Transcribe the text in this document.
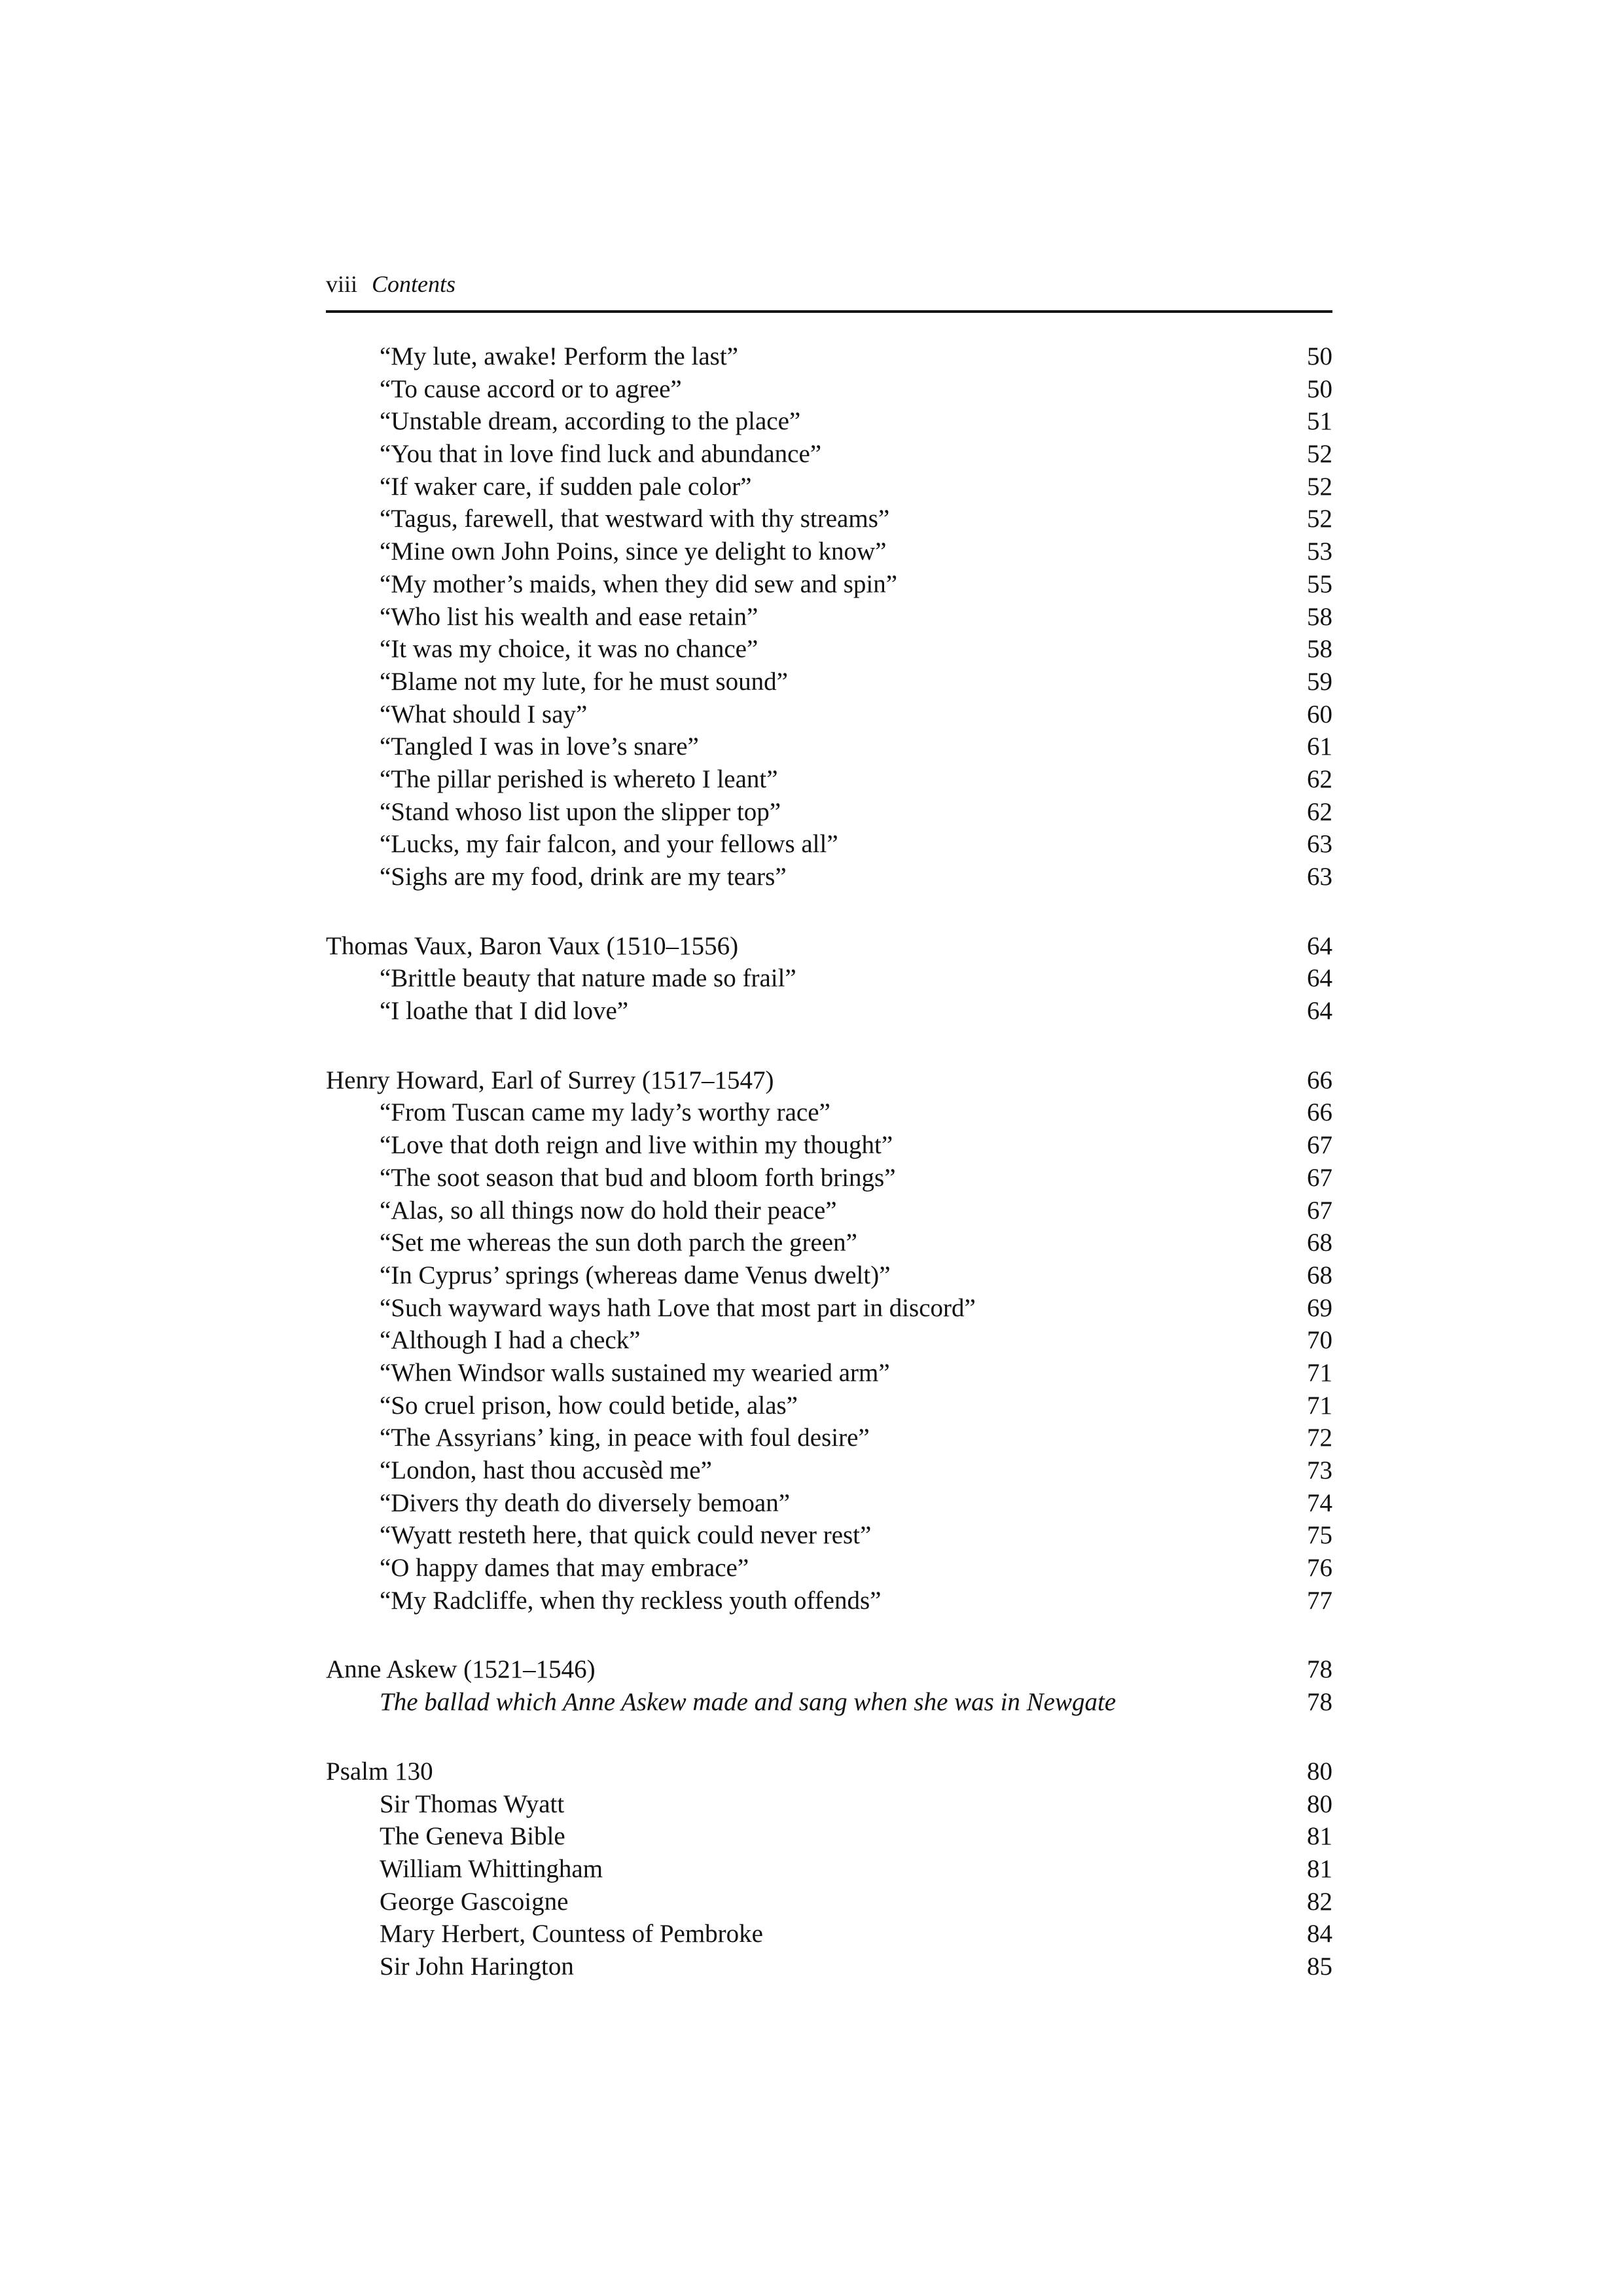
viii Contents
“My lute, awake! Perform the last”	50
“To cause accord or to agree”	50
“Unstable dream, according to the place”	51
“You that in love find luck and abundance”	52
“If waker care, if sudden pale color”	52
“Tagus, farewell, that westward with thy streams”	52
“Mine own John Poins, since ye delight to know”	53
“My mother’s maids, when they did sew and spin”	55
“Who list his wealth and ease retain”	58
“It was my choice, it was no chance”	58
“Blame not my lute, for he must sound”	59
“What should I say”	60
“Tangled I was in love’s snare”	61
“The pillar perished is whereto I leant”	62
“Stand whoso list upon the slipper top”	62
“Lucks, my fair falcon, and your fellows all”	63
“Sighs are my food, drink are my tears”	63
Thomas Vaux, Baron Vaux (1510–1556)	64
“Brittle beauty that nature made so frail”	64
“I loathe that I did love”	64
Henry Howard, Earl of Surrey (1517–1547)	66
“From Tuscan came my lady’s worthy race”	66
“Love that doth reign and live within my thought”	67
“The soot season that bud and bloom forth brings”	67
“Alas, so all things now do hold their peace”	67
“Set me whereas the sun doth parch the green”	68
“In Cyprus’ springs (whereas dame Venus dwelt)”	68
“Such wayward ways hath Love that most part in discord”	69
“Although I had a check”	70
“When Windsor walls sustained my wearied arm”	71
“So cruel prison, how could betide, alas”	71
“The Assyrians’ king, in peace with foul desire”	72
“London, hast thou accusèd me”	73
“Divers thy death do diversely bemoan”	74
“Wyatt resteth here, that quick could never rest”	75
“O happy dames that may embrace”	76
“My Radcliffe, when thy reckless youth offends”	77
Anne Askew (1521–1546)	78
The ballad which Anne Askew made and sang when she was in Newgate	78
Psalm 130	80
Sir Thomas Wyatt	80
The Geneva Bible	81
William Whittingham	81
George Gascoigne	82
Mary Herbert, Countess of Pembroke	84
Sir John Harington	85
